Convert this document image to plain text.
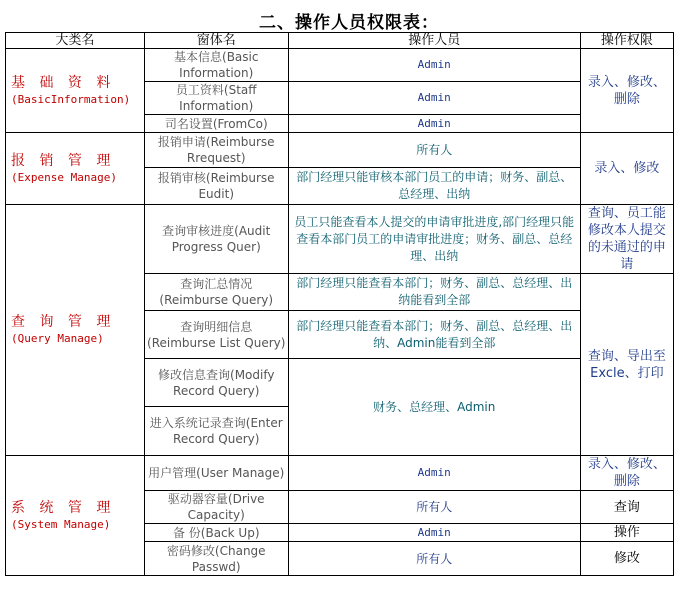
二、操作人员权限表：
大类名	窗体名	操作人员	操作权限

基 础 资 料
(BasicInformation)	基本信息(Basic Information)	Admin	录入、修改、删除
	员工资料(Staff Information)	Admin	
	司名设置(FromCo)	Admin	

报 销 管 理
(Expense Manage)	报销申请(Reimburse Rrequest)	所有人	录入、修改
	报销审核(Reimburse Eudit)	部门经理只能审核本部门员工的申请；财务、副总、总经理、出纳	

查 询 管 理
(Query Manage)	查询审核进度(Audit Progress Quer)	员工只能查看本人提交的申请审批进度,部门经理只能查看本部门员工的申请审批进度；财务、副总、总经理、出纳	查询、员工能修改本人提交的未通过的申请
	查询汇总情况(Reimburse Query)	部门经理只能查看本部门；财务、副总、总经理、出纳能看到全部	查询、导出至Excle、打印
	查询明细信息(Reimburse List Query)	部门经理只能查看本部门；财务、副总、总经理、出纳、Admin能看到全部	
	修改信息查询(Modify Record Query)	财务、总经理、Admin	
	进入系统记录查询(Enter Record Query)		

系 统 管 理
(System Manage)	用户管理(User Manage)	Admin	录入、修改、删除
	驱动器容量(Drive Capacity)	所有人	查询
	备 份(Back Up)	Admin	操作
	密码修改(Change Passwd)	所有人	修改
